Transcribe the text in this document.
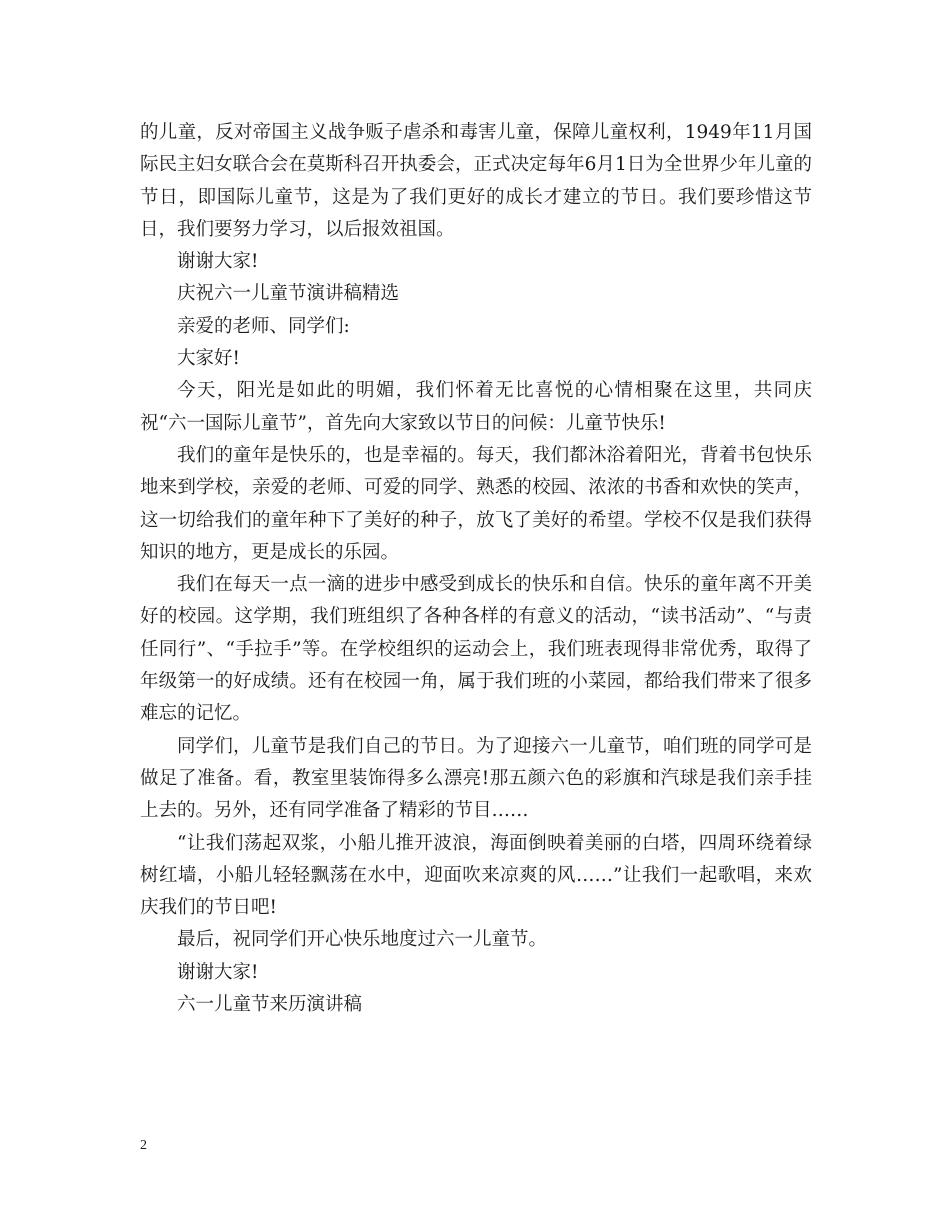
的儿童，反对帝国主义战争贩子虐杀和毒害儿童，保障儿童权利，1949年11月国际民主妇女联合会在莫斯科召开执委会，正式决定每年6月1日为全世界少年儿童的节日，即国际儿童节，这是为了我们更好的成长才建立的节日。我们要珍惜这节日，我们要努力学习，以后报效祖国。

谢谢大家!

庆祝六一儿童节演讲稿精选

亲爱的老师、同学们:

大家好!

今天，阳光是如此的明媚，我们怀着无比喜悦的心情相聚在这里，共同庆祝“六一国际儿童节”，首先向大家致以节日的问候：儿童节快乐!

我们的童年是快乐的，也是幸福的。每天，我们都沐浴着阳光，背着书包快乐地来到学校，亲爱的老师、可爱的同学、熟悉的校园、浓浓的书香和欢快的笑声，这一切给我们的童年种下了美好的种子，放飞了美好的希望。学校不仅是我们获得知识的地方，更是成长的乐园。

我们在每天一点一滴的进步中感受到成长的快乐和自信。快乐的童年离不开美好的校园。这学期，我们班组织了各种各样的有意义的活动，“读书活动”、“与责任同行”、“手拉手”等。在学校组织的运动会上，我们班表现得非常优秀，取得了年级第一的好成绩。还有在校园一角，属于我们班的小菜园，都给我们带来了很多难忘的记忆。

同学们，儿童节是我们自己的节日。为了迎接六一儿童节，咱们班的同学可是做足了准备。看，教室里装饰得多么漂亮!那五颜六色的彩旗和汽球是我们亲手挂上去的。另外，还有同学准备了精彩的节目……

“让我们荡起双浆，小船儿推开波浪，海面倒映着美丽的白塔，四周环绕着绿树红墙，小船儿轻轻飘荡在水中，迎面吹来凉爽的风……”让我们一起歌唱，来欢庆我们的节日吧!

最后，祝同学们开心快乐地度过六一儿童节。

谢谢大家!

六一儿童节来历演讲稿

2
